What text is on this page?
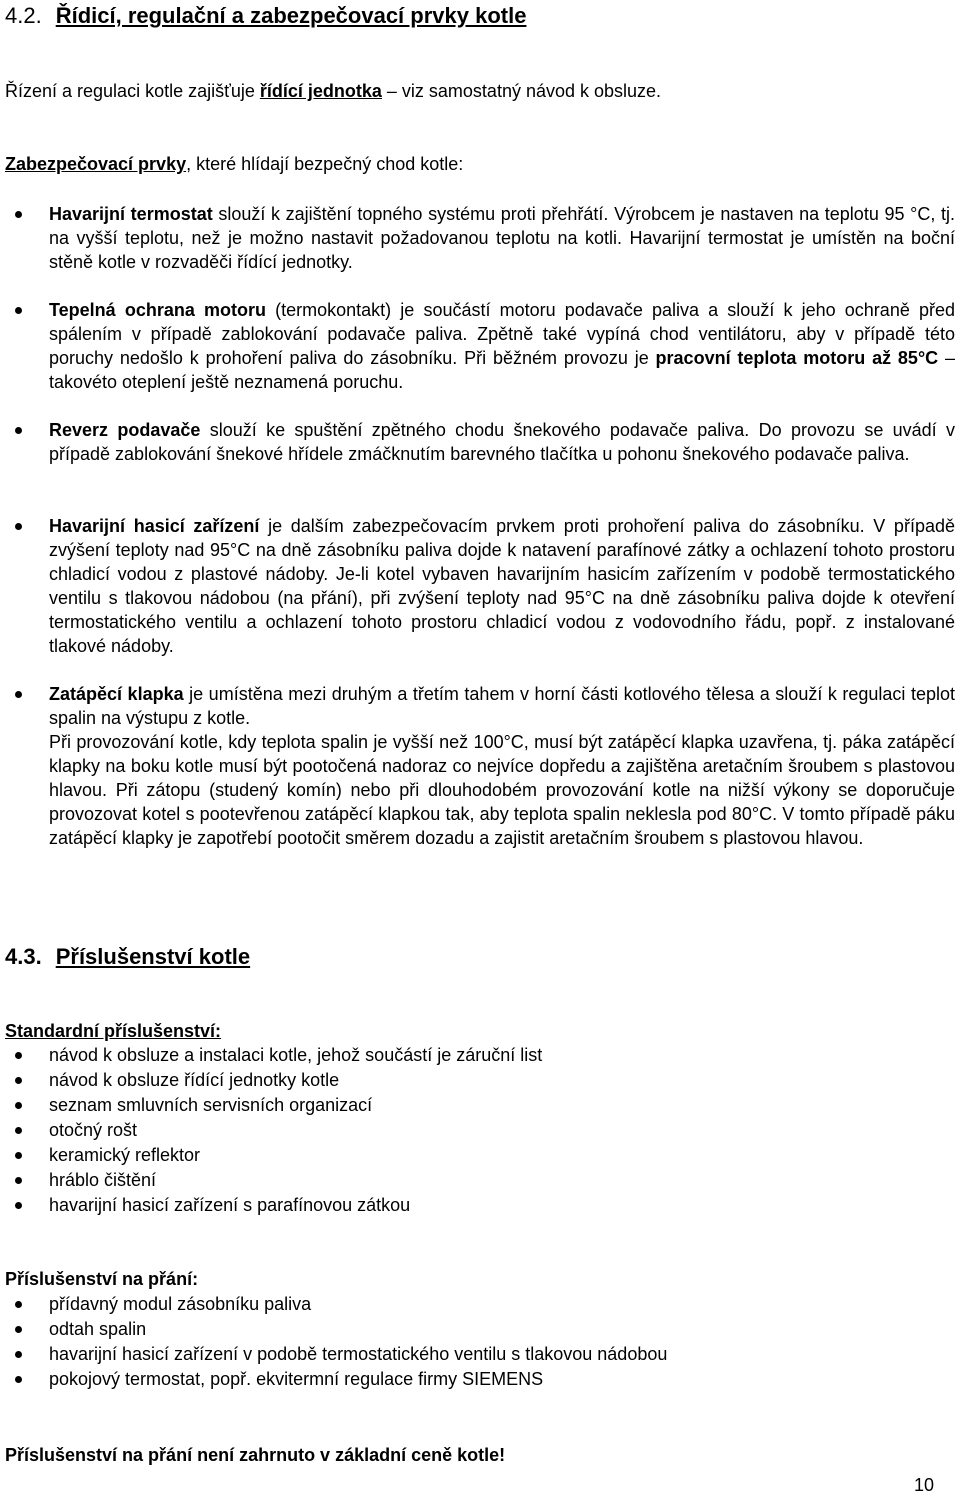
4.2. Řídicí, regulační a zabezpečovací prvky kotle

Řízení a regulaci kotle zajišťuje řídící jednotka – viz samostatný návod k obsluze.

Zabezpečovací prvky, které hlídají bezpečný chod kotle:

Havarijní termostat slouží k zajištění topného systému proti přehřátí. Výrobcem je nastaven na teplotu 95 °C, tj. na vyšší teplotu, než je možno nastavit požadovanou teplotu na kotli. Havarijní termostat je umístěn na boční stěně kotle v rozvaděči řídící jednotky.
Tepelná ochrana motoru (termokontakt) je součástí motoru podavače paliva a slouží k jeho ochraně před spálením v případě zablokování podavače paliva. Zpětně také vypíná chod ventilátoru, aby v případě této poruchy nedošlo k prohoření paliva do zásobníku. Při běžném provozu je pracovní teplota motoru až 85°C – takovéto oteplení ještě neznamená poruchu.
Reverz podavače slouží ke spuštění zpětného chodu šnekového podavače paliva. Do provozu se uvádí v případě zablokování šnekové hřídele zmáčknutím barevného tlačítka u pohonu šnekového podavače paliva.
Havarijní hasicí zařízení je dalším zabezpečovacím prvkem proti prohoření paliva do zásobníku. V případě zvýšení teploty nad 95°C na dně zásobníku paliva dojde k natavení parafínové zátky a ochlazení tohoto prostoru chladicí vodou z plastové nádoby. Je-li kotel vybaven havarijním hasicím zařízením v podobě termostatického ventilu s tlakovou nádobou (na přání), při zvýšení teploty nad 95°C na dně zásobníku paliva dojde k otevření termostatického ventilu a ochlazení tohoto prostoru chladicí vodou z vodovodního řádu, popř. z instalované tlakové nádoby.

Zatápěcí klapka je umístěna mezi druhým a třetím tahem v horní části kotlového tělesa a slouží k regulaci teplot spalin na výstupu z kotle.

Při provozování kotle, kdy teplota spalin je vyšší než 100°C, musí být zatápěcí klapka uzavřena, tj. páka zatápěcí klapky na boku kotle musí být pootočená nadoraz co nejvíce dopředu a zajištěna aretačním šroubem s plastovou hlavou. Při zátopu (studený komín) nebo při dlouhodobém provozování kotle na nižší výkony se doporučuje provozovat kotel s pootevřenou zatápěcí klapkou tak, aby teplota spalin neklesla pod 80°C. V tomto případě páku zatápěcí klapky je zapotřebí pootočit směrem dozadu a zajistit aretačním šroubem s plastovou hlavou.

4.3. Příslušenství kotle

Standardní příslušenství:

návod k obsluze a instalaci kotle, jehož součástí je záruční list
návod k obsluze řídící jednotky kotle
seznam smluvních servisních organizací
otočný rošt
keramický reflektor
hráblo čištění
havarijní hasicí zařízení s parafínovou zátkou

Příslušenství na přání:

přídavný modul zásobníku paliva
odtah spalin
havarijní hasicí zařízení v podobě termostatického ventilu s tlakovou nádobou
pokojový termostat, popř. ekvitermní regulace firmy SIEMENS

Příslušenství na přání není zahrnuto v základní ceně kotle!

10
